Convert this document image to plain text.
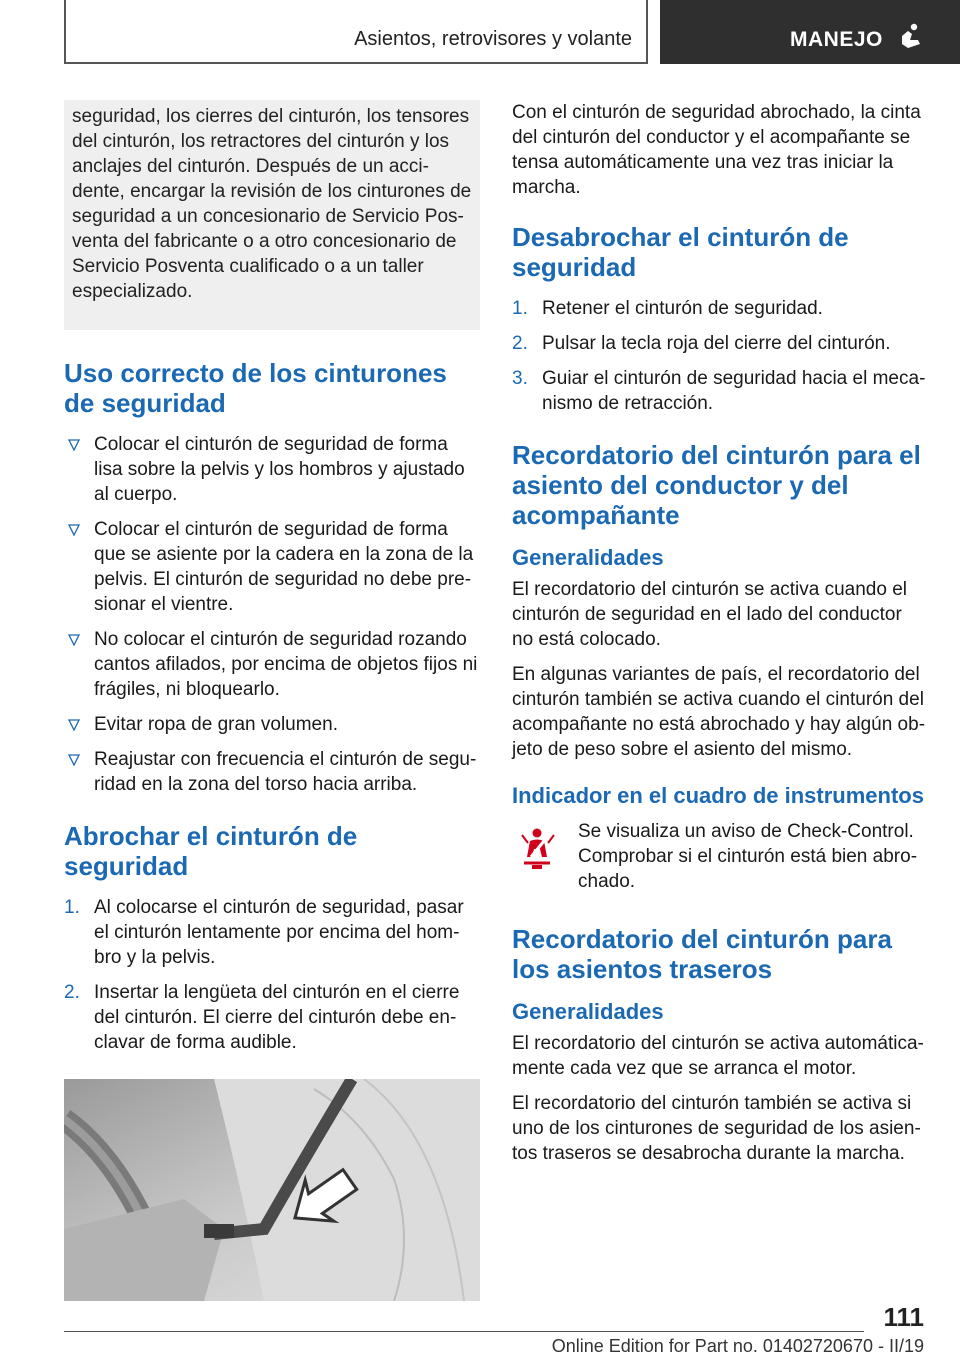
Asientos, retrovisores y volante	MANEJO

seguridad, los cierres del cinturón, los tensores del cinturón, los retractores del cinturón y los anclajes del cinturón. Después de un accidente, encargar la revisión de los cinturones de seguridad a un concesionario de Servicio Posventa del fabricante o a otro concesionario de Servicio Posventa cualificado o a un taller especializado.

Uso correcto de los cinturones de seguridad
Colocar el cinturón de seguridad de forma lisa sobre la pelvis y los hombros y ajustado al cuerpo.
Colocar el cinturón de seguridad de forma que se asiente por la cadera en la zona de la pelvis. El cinturón de seguridad no debe presionar el vientre.
No colocar el cinturón de seguridad rozando cantos afilados, por encima de objetos fijos ni frágiles, ni bloquearlo.
Evitar ropa de gran volumen.
Reajustar con frecuencia el cinturón de seguridad en la zona del torso hacia arriba.
Abrochar el cinturón de seguridad
1. Al colocarse el cinturón de seguridad, pasar el cinturón lentamente por encima del hombro y la pelvis.
2. Insertar la lengüeta del cinturón en el cierre del cinturón. El cierre del cinturón debe enclavar de forma audible.

Con el cinturón de seguridad abrochado, la cinta del cinturón del conductor y el acompañante se tensa automáticamente una vez tras iniciar la marcha.

Desabrochar el cinturón de seguridad
1. Retener el cinturón de seguridad.
2. Pulsar la tecla roja del cierre del cinturón.
3. Guiar el cinturón de seguridad hacia el mecanismo de retracción.
Recordatorio del cinturón para el asiento del conductor y del acompañante
Generalidades

El recordatorio del cinturón se activa cuando el cinturón de seguridad en el lado del conductor no está colocado.

En algunas variantes de país, el recordatorio del cinturón también se activa cuando el cinturón del acompañante no está abrochado y hay algún objeto de peso sobre el asiento del mismo.

Indicador en el cuadro de instrumentos

Se visualiza un aviso de Check-Control. Comprobar si el cinturón está bien abrochado.

Recordatorio del cinturón para los asientos traseros
Generalidades

El recordatorio del cinturón se activa automáticamente cada vez que se arranca el motor.

El recordatorio del cinturón también se activa si uno de los cinturones de seguridad de los asientos traseros se desabrocha durante la marcha.

111
Online Edition for Part no. 01402720670 - II/19
